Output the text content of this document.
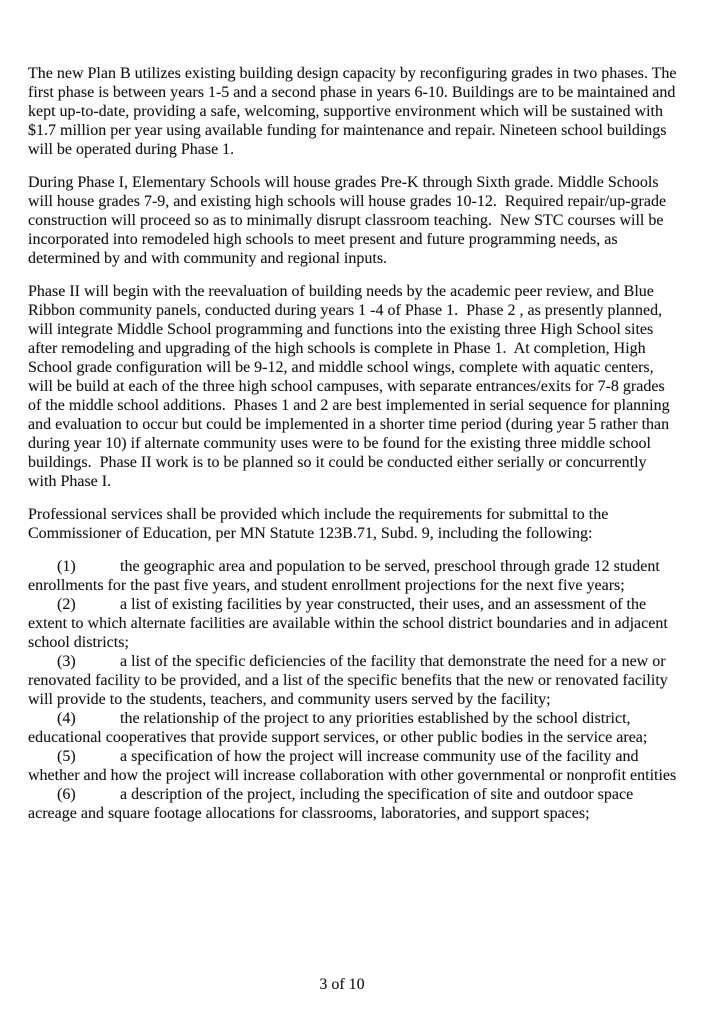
The new Plan B utilizes existing building design capacity by reconfiguring grades in two phases. The first phase is between years 1-5 and a second phase in years 6-10. Buildings are to be maintained and kept up-to-date, providing a safe, welcoming, supportive environment which will be sustained with $1.7 million per year using available funding for maintenance and repair. Nineteen school buildings will be operated during Phase 1.

During Phase I, Elementary Schools will house grades Pre-K through Sixth grade. Middle Schools will house grades 7-9, and existing high schools will house grades 10-12.  Required repair/up-grade construction will proceed so as to minimally disrupt classroom teaching.  New STC courses will be incorporated into remodeled high schools to meet present and future programming needs, as determined by and with community and regional inputs.

Phase II will begin with the reevaluation of building needs by the academic peer review, and Blue Ribbon community panels, conducted during years 1 -4 of Phase 1.  Phase 2 , as presently planned, will integrate Middle School programming and functions into the existing three High School sites after remodeling and upgrading of the high schools is complete in Phase 1.  At completion, High School grade configuration will be 9-12, and middle school wings, complete with aquatic centers, will be build at each of the three high school campuses, with separate entrances/exits for 7-8 grades of the middle school additions.  Phases 1 and 2 are best implemented in serial sequence for planning and evaluation to occur but could be implemented in a shorter time period (during year 5 rather than during year 10) if alternate community uses were to be found for the existing three middle school buildings.  Phase II work is to be planned so it could be conducted either serially or concurrently with Phase I.

Professional services shall be provided which include the requirements for submittal to the Commissioner of Education, per MN Statute 123B.71, Subd. 9, including the following:

(1)	the geographic area and population to be served, preschool through grade 12 student enrollments for the past five years, and student enrollment projections for the next five years;

(2)	a list of existing facilities by year constructed, their uses, and an assessment of the extent to which alternate facilities are available within the school district boundaries and in adjacent school districts;

(3)	a list of the specific deficiencies of the facility that demonstrate the need for a new or renovated facility to be provided, and a list of the specific benefits that the new or renovated facility will provide to the students, teachers, and community users served by the facility;

(4)	the relationship of the project to any priorities established by the school district, educational cooperatives that provide support services, or other public bodies in the service area;

(5)	a specification of how the project will increase community use of the facility and whether and how the project will increase collaboration with other governmental or nonprofit entities

(6)	a description of the project, including the specification of site and outdoor space acreage and square footage allocations for classrooms, laboratories, and support spaces;

3 of 10
